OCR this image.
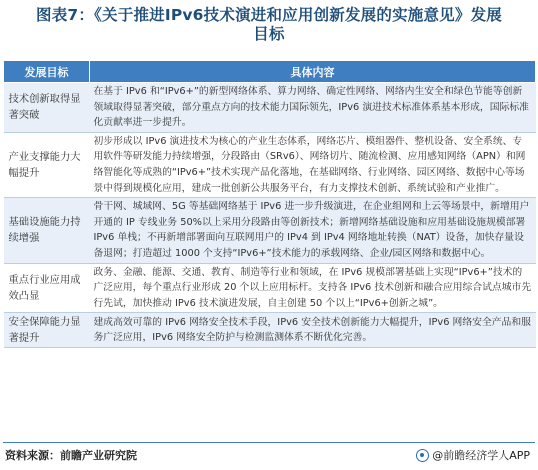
图表7：《关于推进IPv6技术演进和应用创新发展的实施意见》发展
目标
发展目标	具体内容
技术创新取得显著突破	在基于 IPv6 和“IPv6+”的新型网络体系、算力网络、确定性网络、网络内生安全和绿色节能等创新领域取得显著突破，部分重点方向的技术能力国际领先，IPv6 演进技术标准体系基本形成，国际标准化贡献率进一步提升。
产业支撑能力大幅提升	初步形成以 IPv6 演进技术为核心的产业生态体系，网络芯片、模组器件、整机设备、安全系统、专用软件等研发能力持续增强，分段路由（SRv6）、网络切片、随流检测、应用感知网络（APN）和网络智能化等成熟的“IPv6+”技术实现产品化落地，在基础网络、行业网络、园区网络、数据中心等场景中得到规模化应用，建成一批创新公共服务平台，有力支撑技术创新、系统试验和产业推广。
基础设施能力持续增强	骨干网、城域网、5G 等基础网络基于 IPv6 进一步升级演进，在企业组网和上云等场景中，新增用户开通的 IP 专线业务 50%以上采用分段路由等创新技术；新增网络基础设施和应用基础设施规模部署 IPv6 单栈；不再新增部署面向互联网用户的 IPv4 到 IPv4 网络地址转换（NAT）设备，加快存量设备退网；打造超过 1000 个支持“IPv6+”技术能力的承载网络、企业/园区网络和数据中心。
重点行业应用成效凸显	政务、金融、能源、交通、教育、制造等行业和领域，在 IPv6 规模部署基础上实现“IPv6+”技术的广泛应用，每个重点行业形成 20 个以上应用标杆。支持各 IPv6 技术创新和融合应用综合试点城市先行先试，加快推动 IPv6 技术演进发展，自主创建 50 个以上“IPv6+创新之城”。
安全保障能力显著提升	建成高效可靠的 IPv6 网络安全技术手段，IPv6 安全技术创新能力大幅提升，IPv6 网络安全产品和服务广泛应用，IPv6 网络安全防护与检测监测体系不断优化完善。
资料来源：前瞻产业研究院	@前瞻经济学人APP
